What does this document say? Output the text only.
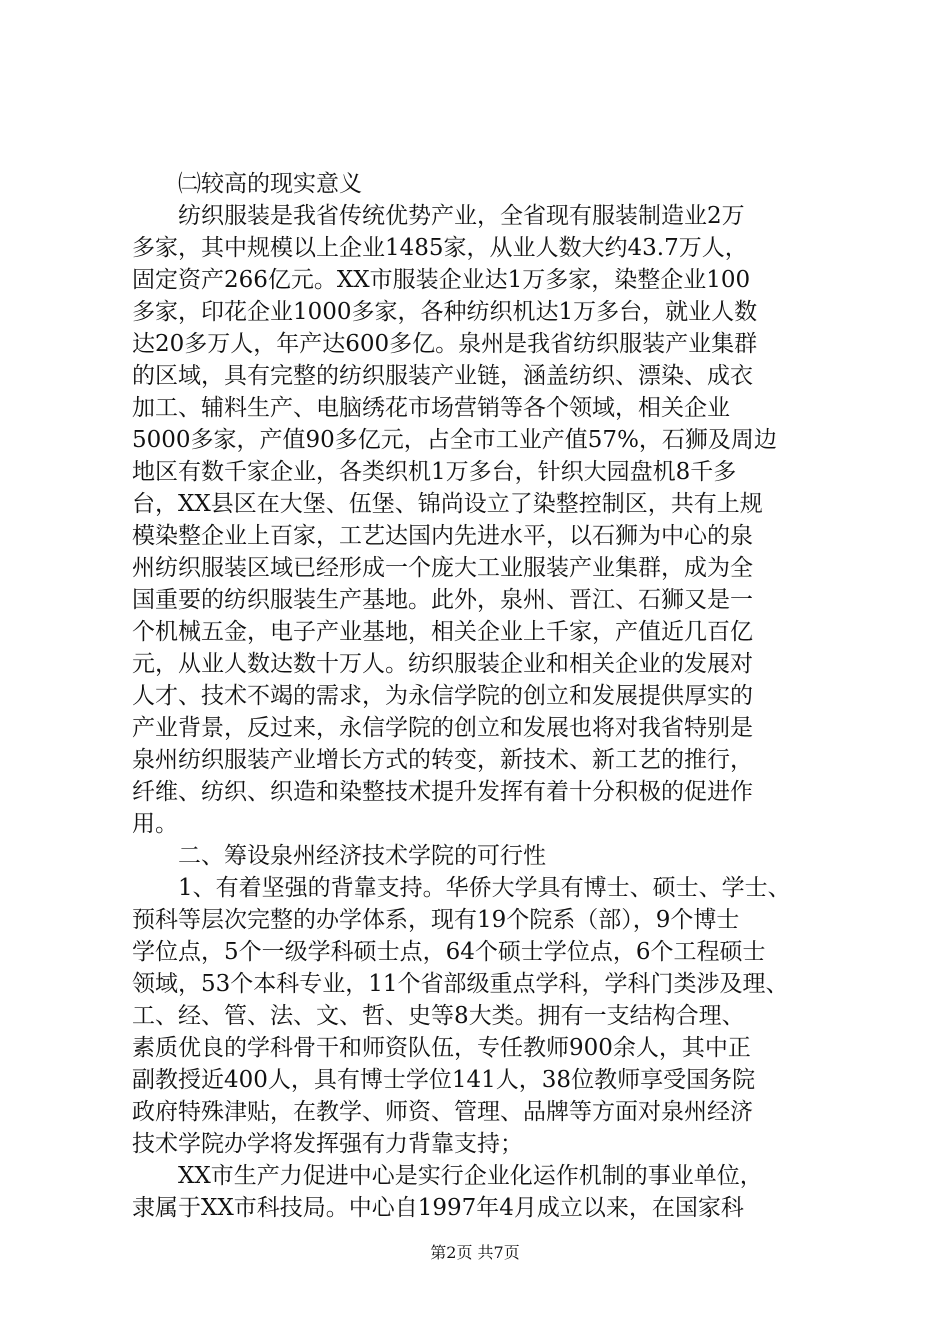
㈡较高的现实意义
纺织服装是我省传统优势产业，全省现有服装制造业2万
多家，其中规模以上企业1485家，从业人数大约43.7万人，
固定资产266亿元。XX市服装企业达1万多家，染整企业100
多家，印花企业1000多家，各种纺织机达1万多台，就业人数
达20多万人，年产达600多亿。泉州是我省纺织服装产业集群
的区域，具有完整的纺织服装产业链，涵盖纺织、漂染、成衣
加工、辅料生产、电脑绣花市场营销等各个领域，相关企业
5000多家，产值90多亿元，占全市工业产值57%，石狮及周边
地区有数千家企业，各类织机1万多台，针织大园盘机8千多
台，XX县区在大堡、伍堡、锦尚设立了染整控制区，共有上规
模染整企业上百家，工艺达国内先进水平，以石狮为中心的泉
州纺织服装区域已经形成一个庞大工业服装产业集群，成为全
国重要的纺织服装生产基地。此外，泉州、晋江、石狮又是一
个机械五金，电子产业基地，相关企业上千家，产值近几百亿
元，从业人数达数十万人。纺织服装企业和相关企业的发展对
人才、技术不竭的需求，为永信学院的创立和发展提供厚实的
产业背景，反过来，永信学院的创立和发展也将对我省特别是
泉州纺织服装产业增长方式的转变，新技术、新工艺的推行，
纤维、纺织、织造和染整技术提升发挥有着十分积极的促进作
用。
二、筹设泉州经济技术学院的可行性
1、有着坚强的背靠支持。华侨大学具有博士、硕士、学士、
预科等层次完整的办学体系，现有19个院系（部），9个博士
学位点，5个一级学科硕士点，64个硕士学位点，6个工程硕士
领域，53个本科专业，11个省部级重点学科，学科门类涉及理、
工、经、管、法、文、哲、史等8大类。拥有一支结构合理、
素质优良的学科骨干和师资队伍，专任教师900余人，其中正
副教授近400人，具有博士学位141人，38位教师享受国务院
政府特殊津贴，在教学、师资、管理、品牌等方面对泉州经济
技术学院办学将发挥强有力背靠支持；
XX市生产力促进中心是实行企业化运作机制的事业单位，
隶属于XX市科技局。中心自1997年4月成立以来，在国家科
第2页 共7页
